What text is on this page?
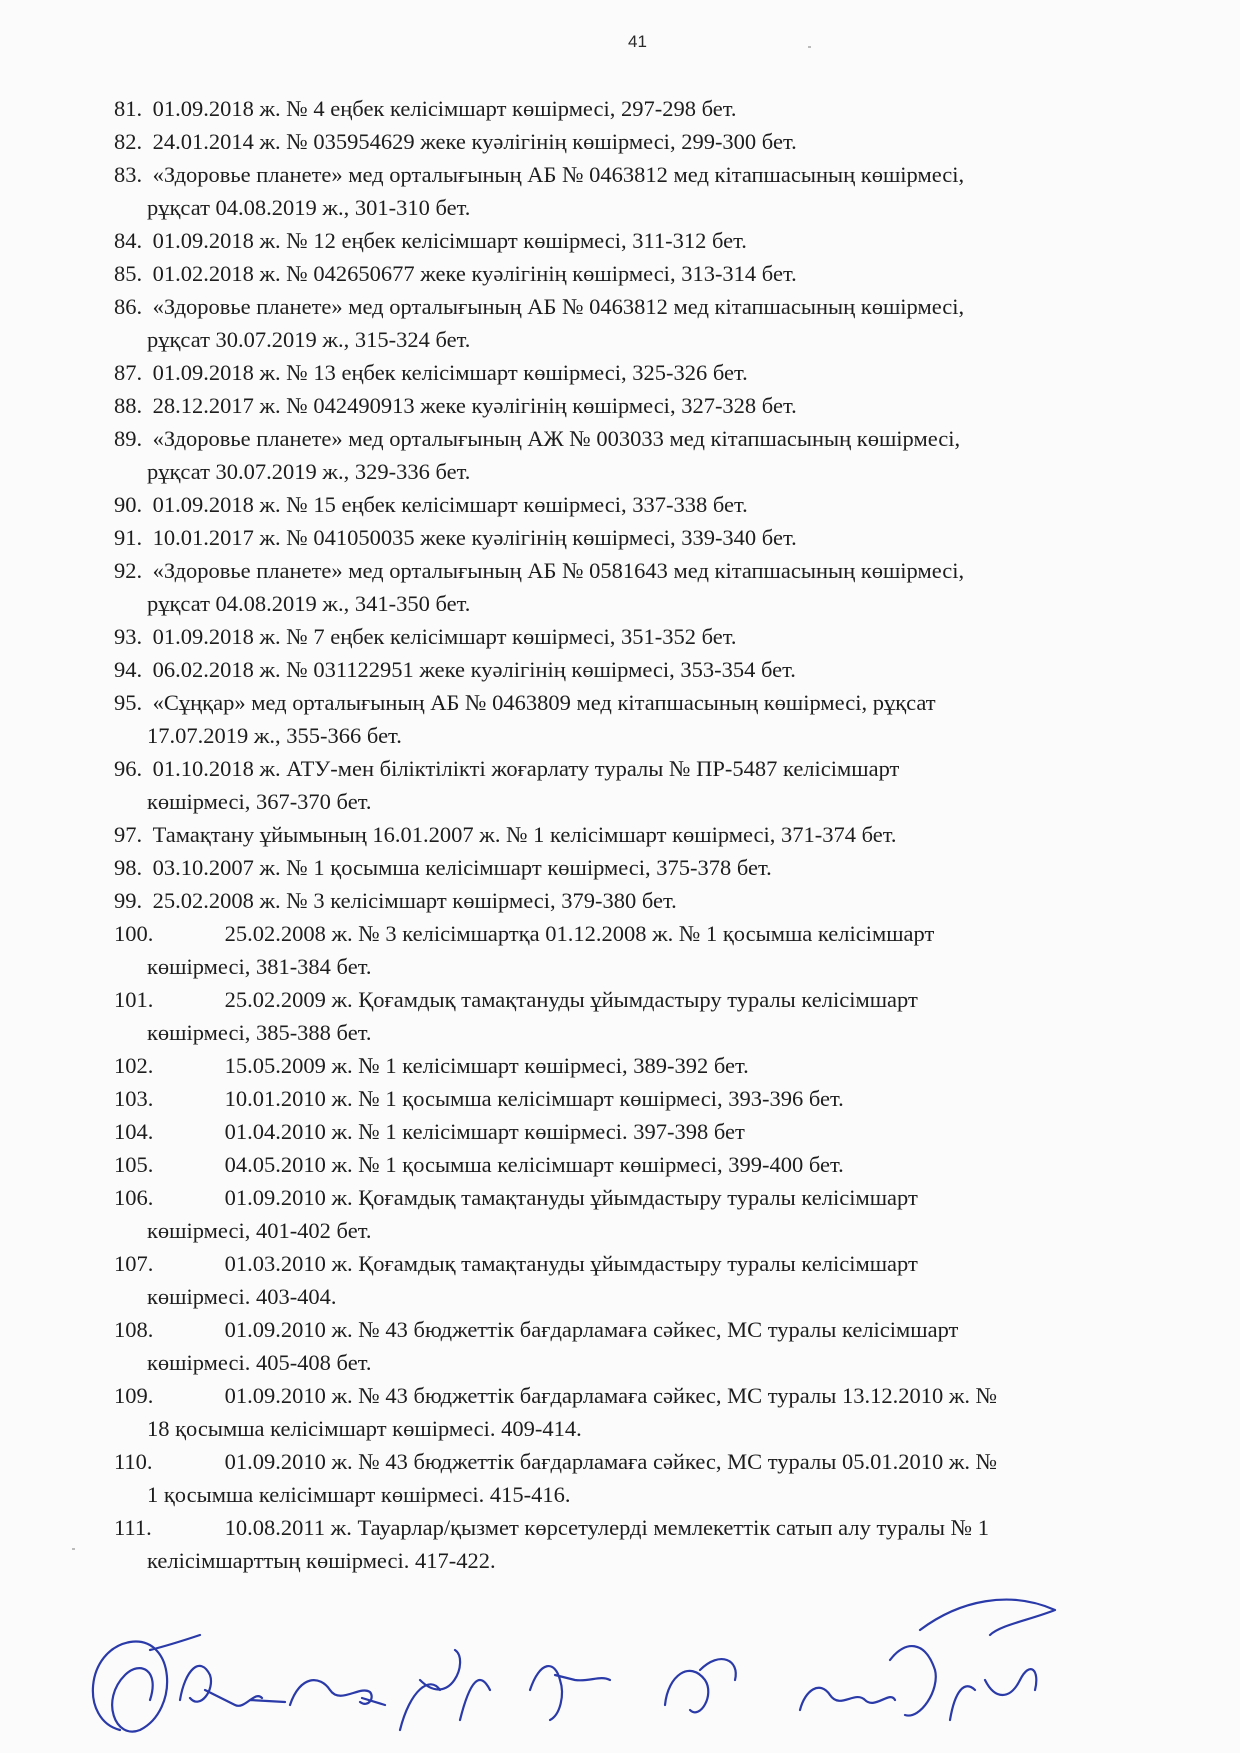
41
81. 01.09.2018 ж. № 4 еңбек келісімшарт көшірмесі, 297-298 бет.
82. 24.01.2014 ж. № 035954629 жеке куәлігінің көшірмесі, 299-300 бет.
83. «Здоровье планете» мед орталығының АБ № 0463812 мед кітапшасының көшірмесі,
рұқсат 04.08.2019 ж., 301-310 бет.
84. 01.09.2018 ж. № 12 еңбек келісімшарт көшірмесі, 311-312 бет.
85. 01.02.2018 ж. № 042650677 жеке куәлігінің көшірмесі, 313-314 бет.
86. «Здоровье планете» мед орталығының АБ № 0463812 мед кітапшасының көшірмесі,
рұқсат 30.07.2019 ж., 315-324 бет.
87. 01.09.2018 ж. № 13 еңбек келісімшарт көшірмесі, 325-326 бет.
88. 28.12.2017 ж. № 042490913 жеке куәлігінің көшірмесі, 327-328 бет.
89. «Здоровье планете» мед орталығының АЖ № 003033 мед кітапшасының көшірмесі,
рұқсат 30.07.2019 ж., 329-336 бет.
90. 01.09.2018 ж. № 15 еңбек келісімшарт көшірмесі, 337-338 бет.
91. 10.01.2017 ж. № 041050035 жеке куәлігінің көшірмесі, 339-340 бет.
92. «Здоровье планете» мед орталығының АБ № 0581643 мед кітапшасының көшірмесі,
рұқсат 04.08.2019 ж., 341-350 бет.
93. 01.09.2018 ж. № 7 еңбек келісімшарт көшірмесі, 351-352 бет.
94. 06.02.2018 ж. № 031122951 жеке куәлігінің көшірмесі, 353-354 бет.
95. «Сұңқар» мед орталығының АБ № 0463809 мед кітапшасының көшірмесі, рұқсат
17.07.2019 ж., 355-366 бет.
96. 01.10.2018 ж. АТУ-мен біліктілікті жоғарлату туралы № ПР-5487 келісімшарт
көшірмесі, 367-370 бет.
97. Тамақтану ұйымының 16.01.2007 ж. № 1 келісімшарт көшірмесі, 371-374 бет.
98. 03.10.2007 ж. № 1 қосымша келісімшарт көшірмесі, 375-378 бет.
99. 25.02.2008 ж. № 3 келісімшарт көшірмесі, 379-380 бет.
100.	25.02.2008 ж. № 3 келісімшартқа 01.12.2008 ж. № 1 қосымша келісімшарт
көшірмесі, 381-384 бет.
101.	25.02.2009 ж. Қоғамдық тамақтануды ұйымдастыру туралы келісімшарт
көшірмесі, 385-388 бет.
102.	15.05.2009 ж. № 1 келісімшарт көшірмесі, 389-392 бет.
103.	10.01.2010 ж. № 1 қосымша келісімшарт көшірмесі, 393-396 бет.
104.	01.04.2010 ж. № 1 келісімшарт көшірмесі. 397-398 бет
105.	04.05.2010 ж. № 1 қосымша келісімшарт көшірмесі, 399-400 бет.
106.	01.09.2010 ж. Қоғамдық тамақтануды ұйымдастыру туралы келісімшарт
көшірмесі, 401-402 бет.
107.	01.03.2010 ж. Қоғамдық тамақтануды ұйымдастыру туралы келісімшарт
көшірмесі. 403-404.
108.	01.09.2010 ж. № 43 бюджеттік бағдарламаға сәйкес, МС туралы келісімшарт
көшірмесі. 405-408 бет.
109.	01.09.2010 ж. № 43 бюджеттік бағдарламаға сәйкес, МС туралы 13.12.2010 ж. №
18 қосымша келісімшарт көшірмесі. 409-414.
110.	01.09.2010 ж. № 43 бюджеттік бағдарламаға сәйкес, МС туралы 05.01.2010 ж. №
1 қосымша келісімшарт көшірмесі. 415-416.
111.	10.08.2011 ж. Тауарлар/қызмет көрсетулерді мемлекеттік сатып алу туралы № 1
келісімшарттың көшірмесі. 417-422.
